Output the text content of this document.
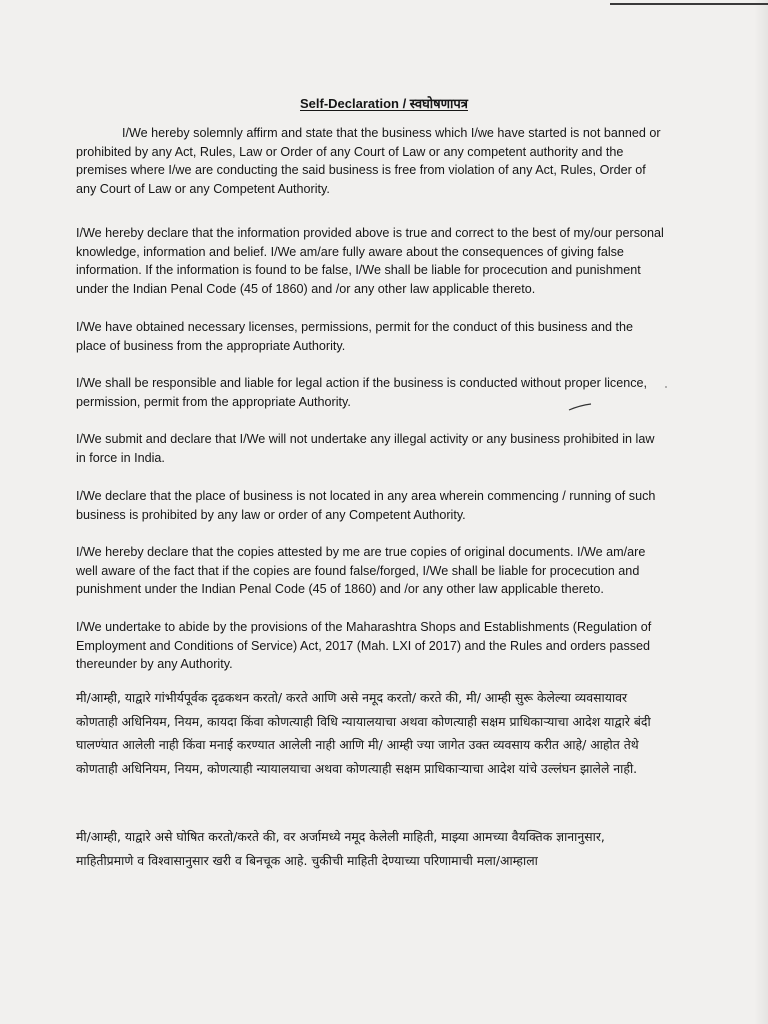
Self-Declaration / स्वघोषणापत्र

I/We hereby solemnly affirm and state that the business which I/we have started is not banned or prohibited by any Act, Rules, Law or Order of any Court of Law or any competent authority and the premises where I/we are conducting the said business is free from violation of any Act, Rules, Order of any Court of Law or any Competent Authority.

I/We hereby declare that the information provided above is true and correct to the best of my/our personal knowledge, information and belief. I/We am/are fully aware about the consequences of giving false information. If the information is found to be false, I/We shall be liable for procecution and punishment under the Indian Penal Code (45 of 1860) and /or any other law applicable thereto.

I/We have obtained necessary licenses, permissions, permit for the conduct of this business and the place of business from the appropriate Authority.

I/We shall be responsible and liable for legal action if the business is conducted without proper licence, permission, permit from the appropriate Authority.

I/We submit and declare that I/We will not undertake any illegal activity or any business prohibited in law in force in India.

I/We declare that the place of business is not located in any area wherein commencing / running of such business is prohibited by any law or order of any Competent Authority.

I/We hereby declare that the copies attested by me are true copies of original documents. I/We am/are well aware of the fact that if the copies are found false/forged, I/We shall be liable for procecution and punishment under the Indian Penal Code (45 of 1860) and /or any other law applicable thereto.

I/We undertake to abide by the provisions of the Maharashtra Shops and Establishments (Regulation of Employment and Conditions of Service) Act, 2017 (Mah. LXI of 2017) and the Rules and orders passed thereunder by any Authority.

मी/आम्ही, याद्वारे गांभीर्यपूर्वक दृढकथन करतो/ करते आणि असे नमूद करतो/ करते की, मी/ आम्ही सुरू केलेल्या व्यवसायावर कोणताही अधिनियम, नियम, कायदा किंवा कोणत्याही विधि न्यायालयाचा अथवा कोणत्याही सक्षम प्राधिकाऱ्याचा आदेश याद्वारे बंदी घालण्यात आलेली नाही किंवा मनाई करण्यात आलेली नाही आणि मी/ आम्ही ज्या जागेत उक्त व्यवसाय करीत आहे/ आहोत तेथे कोणताही अधिनियम, नियम, कोणत्याही न्यायालयाचा अथवा कोणत्याही सक्षम प्राधिकाऱ्याचा आदेश यांचे उल्लंघन झालेले नाही.

मी/आम्ही, याद्वारे असे घोषित करतो/करते की, वर अर्जामध्ये नमूद केलेली माहिती, माझ्या आमच्या वैयक्तिक ज्ञानानुसार, माहितीप्रमाणे व विश्वासानुसार खरी व बिनचूक आहे. चुकीची माहिती देण्याच्या परिणामाची मला/आम्हाला
